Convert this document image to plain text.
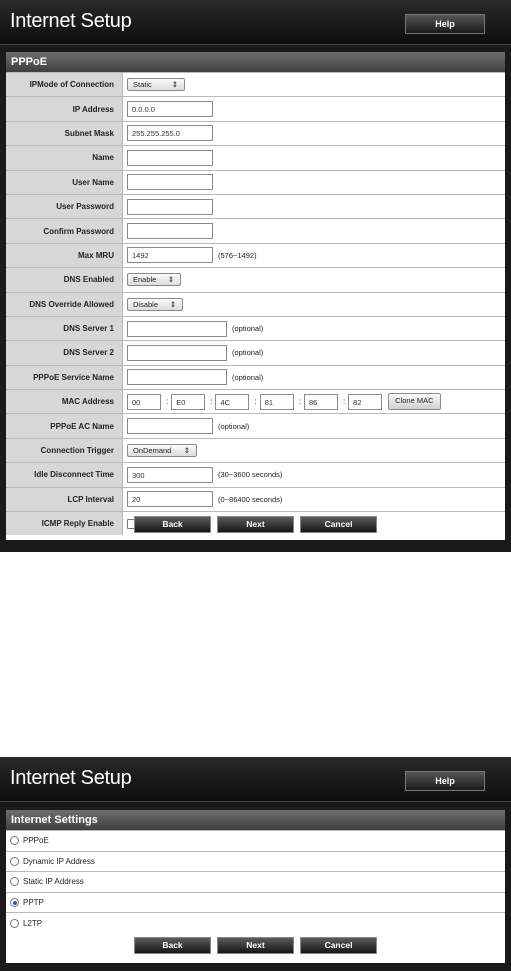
Internet Setup	Help
PPPoE
IPMode of Connection	Static	⇕
IP Address	0.0.0.0
Subnet Mask	255.255.255.0
Name
User Name
User Password
Confirm Password
Max MRU	1492	(576~1492)
DNS Enabled	Enable ⇕
DNS Override Allowed	Disable ⇕
DNS Server 1	(optional)
DNS Server 2	(optional)
PPPoE Service Name	(optional)
MAC Address	00	:	E0	:	4C	:	81	:	86	:	82	Clone MAC
PPPoE AC Name	(optional)
Connection Trigger	OnDemand ⇕
Idle Disconnect Time	300	(30~3600 seconds)
LCP Interval	20	(0~86400 seconds)
ICMP Reply Enable	Back	Next	Cancel
Internet Setup	Help
Internet Settings
PPPoE
Dynamic IP Address
Static IP Address
PPTP
L2TP
Back	Next	Cancel
